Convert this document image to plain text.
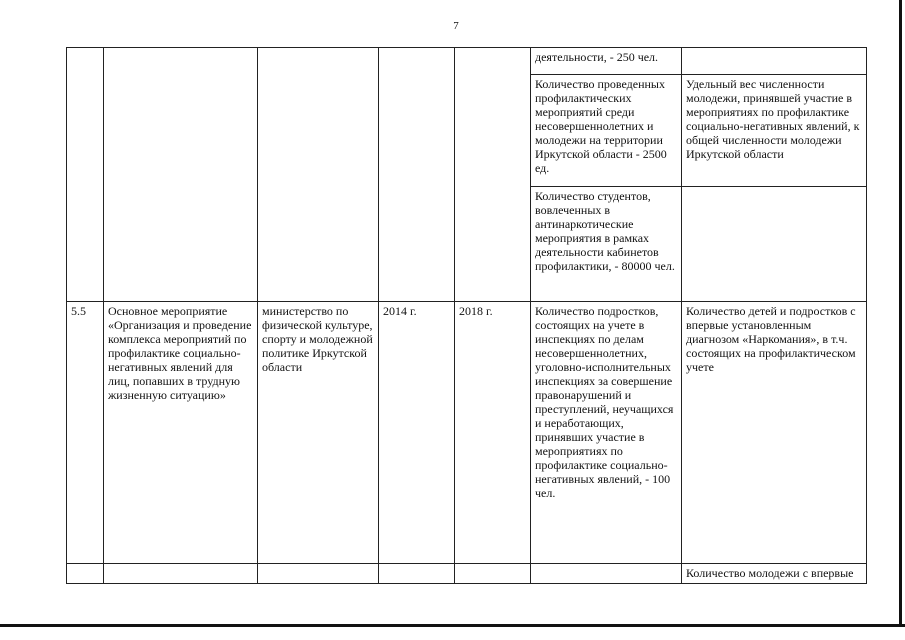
7
					деятельности, - 250 чел.	
					Количество проведенных профилактических мероприятий среди несовершеннолетних и молодежи на территории Иркутской области - 2500 ед.	Удельный вес численности молодежи, принявшей участие в мероприятиях по профилактике социально-негативных явлений, к общей численности молодежи Иркутской области
					Количество студентов, вовлеченных в антинаркотические мероприятия в рамках деятельности кабинетов профилактики, - 80000 чел.	
5.5	Основное мероприятие «Организация и проведение комплекса мероприятий по профилактике социально-негативных явлений для лиц, попавших в трудную жизненную ситуацию»	министерство по физической культуре, спорту и молодежной политике Иркутской области	2014 г.	2018 г.	Количество подростков, состоящих на учете в инспекциях по делам несовершеннолетних, уголовно-исполнительных инспекциях за совершение правонарушений и преступлений, неучащихся и неработающих, принявших участие в мероприятиях по профилактике социально-негативных явлений, - 100 чел.	Количество детей и подростков с впервые установленным диагнозом «Наркомания», в т.ч. состоящих на профилактическом учете
						Количество молодежи с впервые
